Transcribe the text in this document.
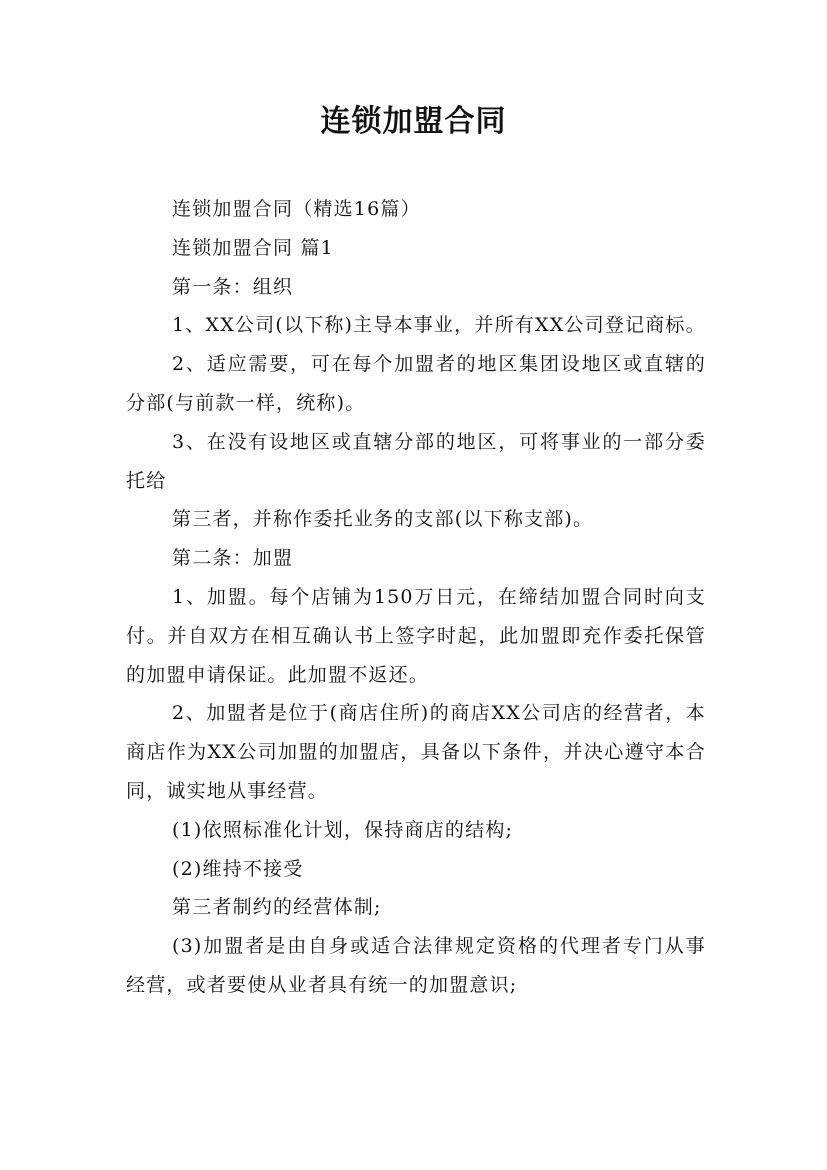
连锁加盟合同

连锁加盟合同（精选16篇）

连锁加盟合同 篇1

第一条：组织

1、XX公司(以下称)主导本事业，并所有XX公司登记商标。

2、适应需要，可在每个加盟者的地区集团设地区或直辖的分部(与前款一样，统称)。

3、在没有设地区或直辖分部的地区，可将事业的一部分委托给

第三者，并称作委托业务的支部(以下称支部)。

第二条：加盟

1、加盟。每个店铺为150万日元，在缔结加盟合同时向支付。并自双方在相互确认书上签字时起，此加盟即充作委托保管的加盟申请保证。此加盟不返还。

2、加盟者是位于(商店住所)的商店XX公司店的经营者，本商店作为XX公司加盟的加盟店，具备以下条件，并决心遵守本合同，诚实地从事经营。

(1)依照标准化计划，保持商店的结构;

(2)维持不接受

第三者制约的经营体制;

(3)加盟者是由自身或适合法律规定资格的代理者专门从事经营，或者要使从业者具有统一的加盟意识;
